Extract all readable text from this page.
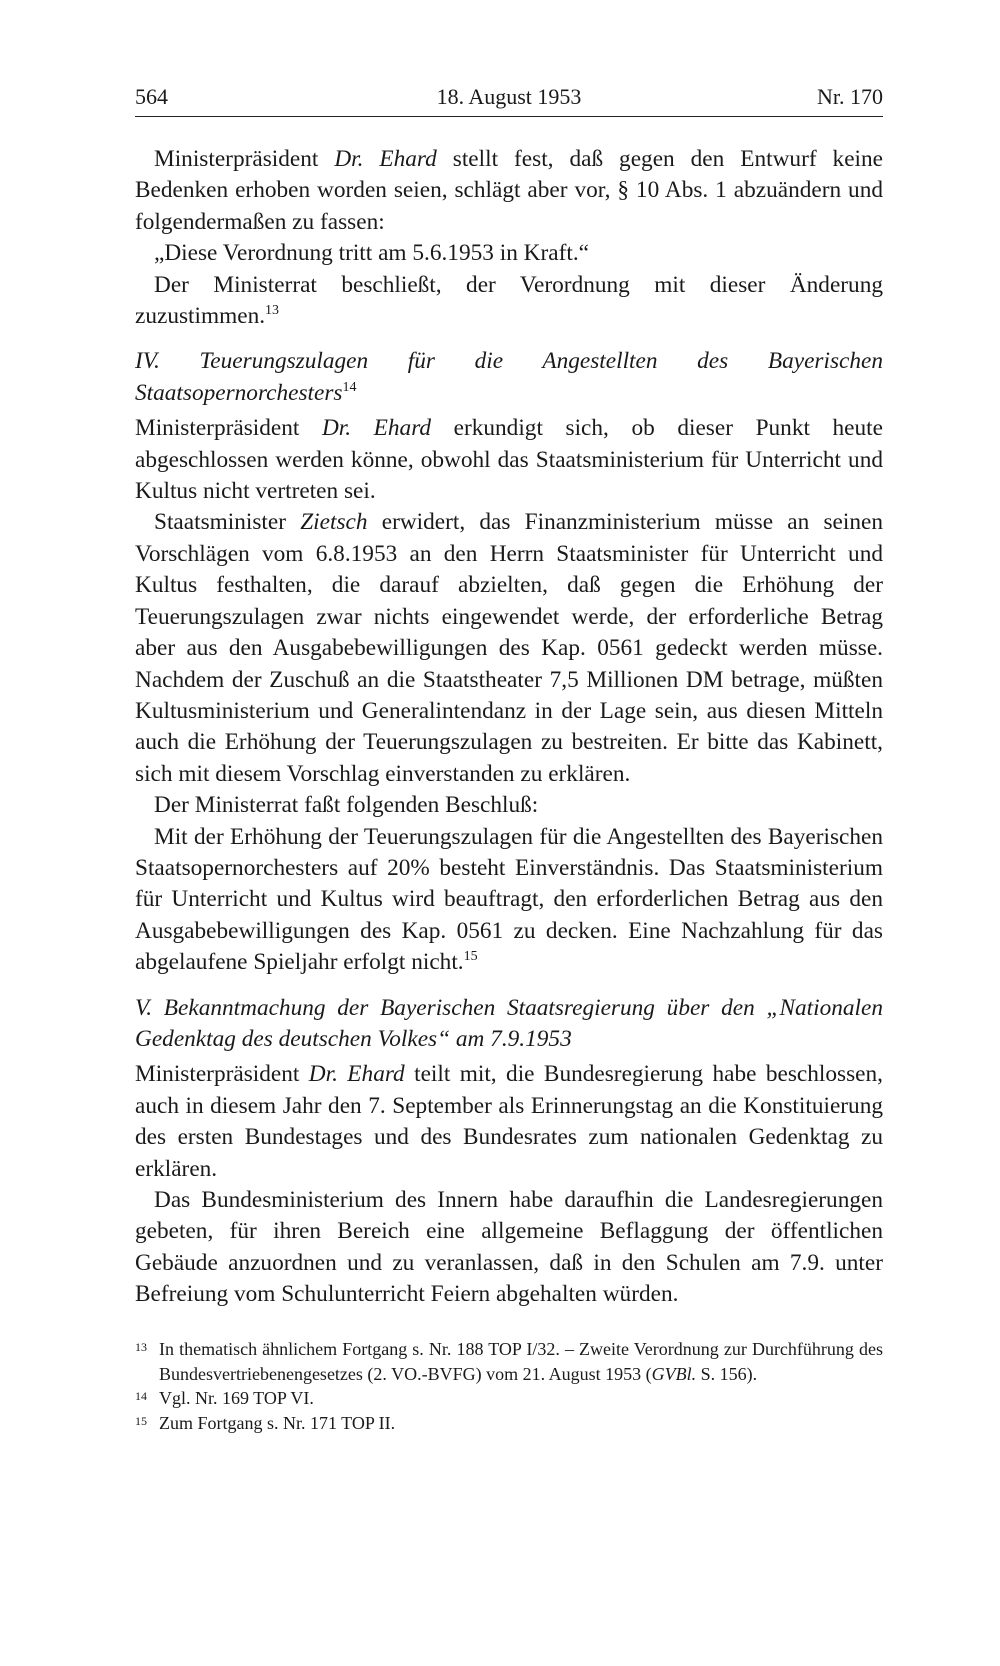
564	18. August 1953	Nr. 170

Ministerpräsident Dr. Ehard stellt fest, daß gegen den Entwurf keine Bedenken erhoben worden seien, schlägt aber vor, § 10 Abs. 1 abzuändern und folgendermaßen zu fassen:

„Diese Verordnung tritt am 5.6.1953 in Kraft.“

Der Ministerrat beschließt, der Verordnung mit dieser Änderung zuzustimmen.$^{13}$

IV. Teuerungszulagen für die Angestellten des Bayerischen Staatsopernorchesters$^{14}$

Ministerpräsident Dr. Ehard erkundigt sich, ob dieser Punkt heute abgeschlossen werden könne, obwohl das Staatsministerium für Unterricht und Kultus nicht vertreten sei.

Staatsminister Zietsch erwidert, das Finanzministerium müsse an seinen Vorschlägen vom 6.8.1953 an den Herrn Staatsminister für Unterricht und Kultus festhalten, die darauf abzielten, daß gegen die Erhöhung der Teuerungszulagen zwar nichts eingewendet werde, der erforderliche Betrag aber aus den Ausgabebewilligungen des Kap. 0561 gedeckt werden müsse. Nachdem der Zuschuß an die Staatstheater 7,5 Millionen DM betrage, müßten Kultusministerium und Generalintendanz in der Lage sein, aus diesen Mitteln auch die Erhöhung der Teuerungszulagen zu bestreiten. Er bitte das Kabinett, sich mit diesem Vorschlag einverstanden zu erklären.

Der Ministerrat faßt folgenden Beschluß:

Mit der Erhöhung der Teuerungszulagen für die Angestellten des Bayerischen Staatsopernorchesters auf 20% besteht Einverständnis. Das Staatsministerium für Unterricht und Kultus wird beauftragt, den erforderlichen Betrag aus den Ausgabebewilligungen des Kap. 0561 zu decken. Eine Nachzahlung für das abgelaufene Spieljahr erfolgt nicht.$^{15}$

V. Bekanntmachung der Bayerischen Staatsregierung über den „Nationalen Gedenktag des deutschen Volkes“ am 7.9.1953

Ministerpräsident Dr. Ehard teilt mit, die Bundesregierung habe beschlossen, auch in diesem Jahr den 7. September als Erinnerungstag an die Konstituierung des ersten Bundestages und des Bundesrates zum nationalen Gedenktag zu erklären.

Das Bundesministerium des Innern habe daraufhin die Landesregierungen gebeten, für ihren Bereich eine allgemeine Beflaggung der öffentlichen Gebäude anzuordnen und zu veranlassen, daß in den Schulen am 7.9. unter Befreiung vom Schulunterricht Feiern abgehalten würden.

13 In thematisch ähnlichem Fortgang s. Nr. 188 TOP I/32. – Zweite Verordnung zur Durchführung des Bundesvertriebenengesetzes (2. VO.-BVFG) vom 21. August 1953 (GVBl. S. 156).
14 Vgl. Nr. 169 TOP VI.
15 Zum Fortgang s. Nr. 171 TOP II.
